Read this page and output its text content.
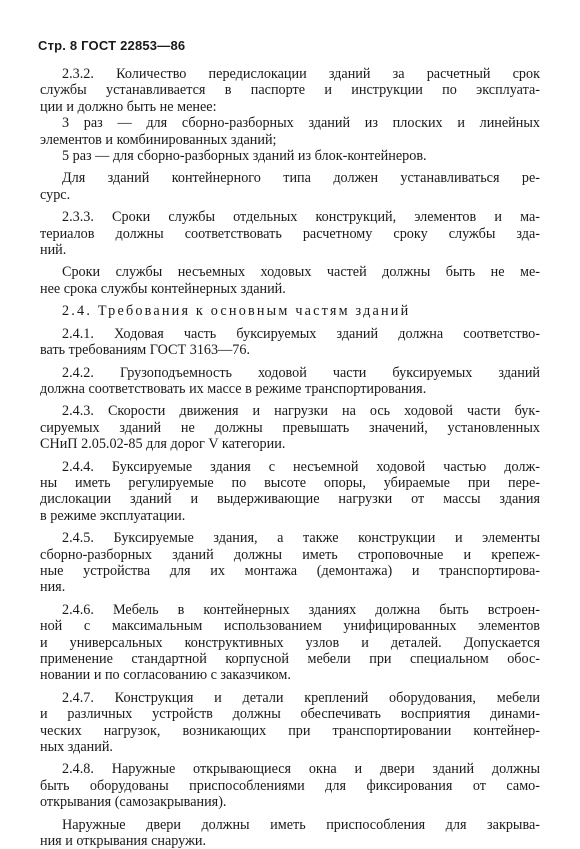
Стр. 8 ГОСТ 22853—86
2.3.2. Количество передислокации зданий за расчетный срок
службы устанавливается в паспорте и инструкции по эксплуата-
ции и должно быть не менее:
3 раз — для сборно-разборных зданий из плоских и линейных
элементов и комбинированных зданий;
5 раз — для сборно-разборных зданий из блок-контейнеров.
Для зданий контейнерного типа должен устанавливаться ре-
сурс.
2.3.3. Сроки службы отдельных конструкций, элементов и ма-
териалов должны соответствовать расчетному сроку службы зда-
ний.
Сроки службы несъемных ходовых частей должны быть не ме-
нее срока службы контейнерных зданий.
2.4. Требования к основным частям зданий
2.4.1. Ходовая часть буксируемых зданий должна соответство-
вать требованиям ГОСТ 3163—76.
2.4.2. Грузоподъемность ходовой части буксируемых зданий
должна соответствовать их массе в режиме транспортирования.
2.4.3. Скорости движения и нагрузки на ось ходовой части бук-
сируемых зданий не должны превышать значений, установленных
СНиП 2.05.02-85 для дорог V категории.
2.4.4. Буксируемые здания с несъемной ходовой частью долж-
ны иметь регулируемые по высоте опоры, убираемые при пере-
дислокации зданий и выдерживающие нагрузки от массы здания
в режиме эксплуатации.
2.4.5. Буксируемые здания, а также конструкции и элементы
сборно-разборных зданий должны иметь строповочные и крепеж-
ные устройства для их монтажа (демонтажа) и транспортирова-
ния.
2.4.6. Мебель в контейнерных зданиях должна быть встроен-
ной с максимальным использованием унифицированных элементов
и универсальных конструктивных узлов и деталей. Допускается
применение стандартной корпусной мебели при специальном обос-
новании и по согласованию с заказчиком.
2.4.7. Конструкция и детали креплений оборудования, мебели
и различных устройств должны обеспечивать восприятия динами-
ческих нагрузок, возникающих при транспортировании контейнер-
ных зданий.
2.4.8. Наружные открывающиеся окна и двери зданий должны
быть оборудованы приспособлениями для фиксирования от само-
открывания (самозакрывания).
Наружные двери должны иметь приспособления для закрыва-
ния и открывания снаружи.
